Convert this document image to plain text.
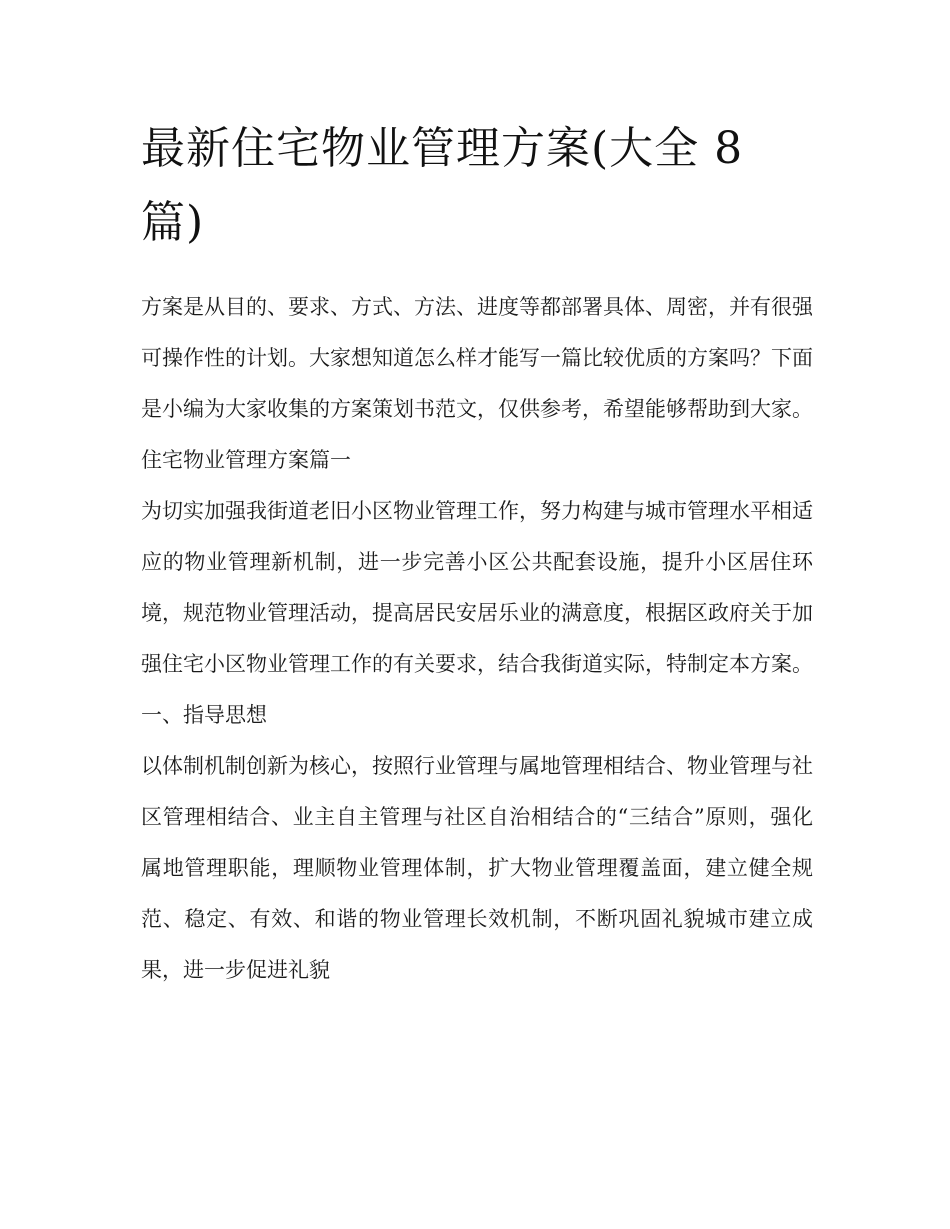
最新住宅物业管理方案(大全 8 篇)

方案是从目的、要求、方式、方法、进度等都部署具体、周密，并有很强可操作性的计划。大家想知道怎么样才能写一篇比较优质的方案吗？下面是小编为大家收集的方案策划书范文，仅供参考，希望能够帮助到大家。

住宅物业管理方案篇一

为切实加强我街道老旧小区物业管理工作，努力构建与城市管理水平相适应的物业管理新机制，进一步完善小区公共配套设施，提升小区居住环境，规范物业管理活动，提高居民安居乐业的满意度，根据区政府关于加强住宅小区物业管理工作的有关要求，结合我街道实际，特制定本方案。

一、指导思想

以体制机制创新为核心，按照行业管理与属地管理相结合、物业管理与社区管理相结合、业主自主管理与社区自治相结合的“三结合”原则，强化属地管理职能，理顺物业管理体制，扩大物业管理覆盖面，建立健全规范、稳定、有效、和谐的物业管理长效机制，不断巩固礼貌城市建立成果，进一步促进礼貌
